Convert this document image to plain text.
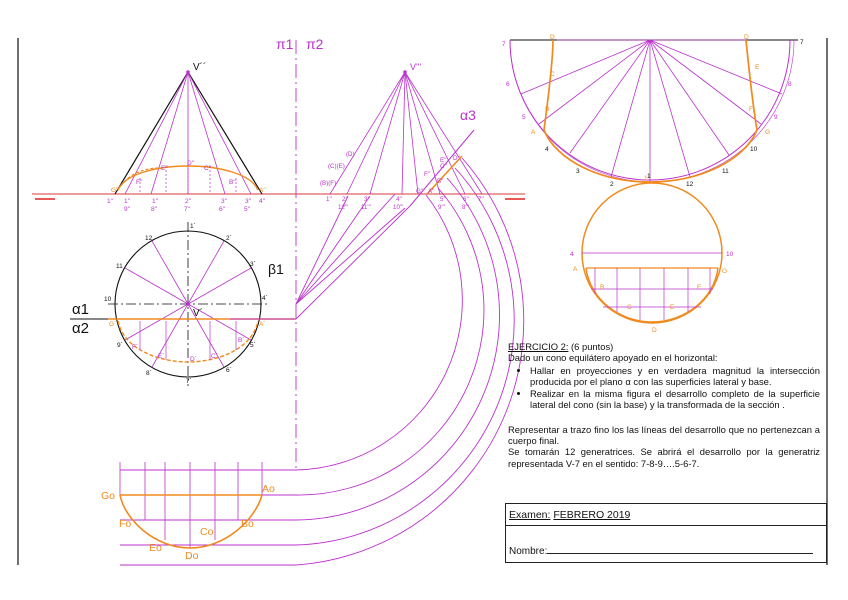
π1 π2
V´´
G''
F''
E''
D''
C''
B''
A''
1''
9''
1''
8''
1''
7''
2''
6''
3''
5''
3'' 4''
V´
1´
2´
3´
4´
5´
6´
7´
8´
9´
10
11
12
G´	A´
F´
B´
E´	D´ C´
β1
α1
α2
α3
V'''
(D)
(C)(E)
(B)(F)
G'' A''
B''
F''
C''
E'' D''
1'' 2''
12'''
3''
11'''
4''
10'''
5''
9'''
6''
8'''
7''
Go
Ao
Fo	Bo
Eo
Co
Do
7
6
5
4
3
2
1
12
11
10
9
8
7
D
C
B
A	G
F
E
D
4	10
A	G
B	F
C	E
D
1
EJERCICIO 2: (6 puntos)
Dado un cono equilátero apoyado en el horizontal:
• Hallar en proyecciones y en verdadera magnitud la intersección producida por el plano α con las superficies lateral y base.
• Realizar en la misma figura el desarrollo completo de la superficie lateral del cono (sin la base) y la transformada de la sección .

Representar a trazo fino los las líneas del desarrollo que no pertenezcan a cuerpo final.

Se tomarán 12 generatrices. Se abrirá el desarrollo por la generatriz representada V-7 en el sentido: 7-8-9….5-6-7.

Examen: FEBRERO 2019
Nombre:
